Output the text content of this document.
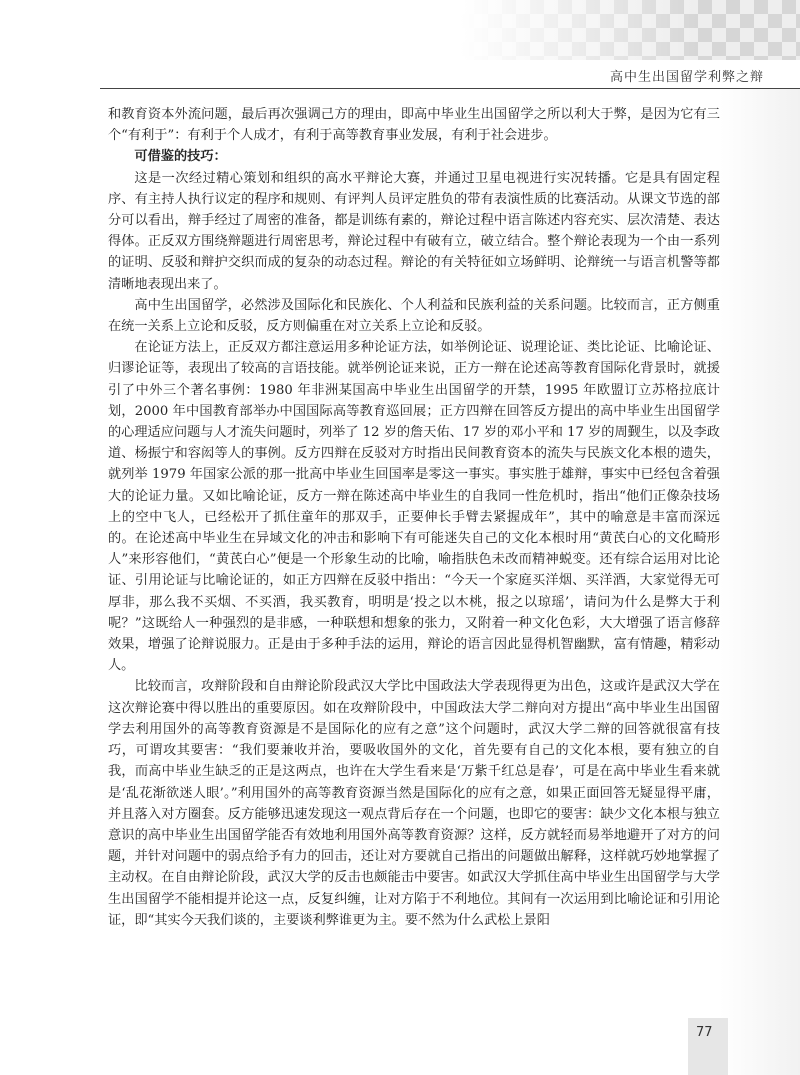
高中生出国留学利弊之辩

和教育资本外流问题，最后再次强调己方的理由，即高中毕业生出国留学之所以利大于弊，是因为它有三个“有利于”：有利于个人成才，有利于高等教育事业发展，有利于社会进步。

可借鉴的技巧：

这是一次经过精心策划和组织的高水平辩论大赛，并通过卫星电视进行实况转播。它是具有固定程序、有主持人执行议定的程序和规则、有评判人员评定胜负的带有表演性质的比赛活动。从课文节选的部分可以看出，辩手经过了周密的准备，都是训练有素的，辩论过程中语言陈述内容充实、层次清楚、表达得体。正反双方围绕辩题进行周密思考，辩论过程中有破有立，破立结合。整个辩论表现为一个由一系列的证明、反驳和辩护交织而成的复杂的动态过程。辩论的有关特征如立场鲜明、论辩统一与语言机警等都清晰地表现出来了。

高中生出国留学，必然涉及国际化和民族化、个人利益和民族利益的关系问题。比较而言，正方侧重在统一关系上立论和反驳，反方则偏重在对立关系上立论和反驳。

在论证方法上，正反双方都注意运用多种论证方法，如举例论证、说理论证、类比论证、比喻论证、归谬论证等，表现出了较高的言语技能。就举例论证来说，正方一辩在论述高等教育国际化背景时，就援引了中外三个著名事例：1980 年非洲某国高中毕业生出国留学的开禁，1995 年欧盟订立苏格拉底计划，2000 年中国教育部举办中国国际高等教育巡回展；正方四辩在回答反方提出的高中毕业生出国留学的心理适应问题与人才流失问题时，列举了 12 岁的詹天佑、17 岁的邓小平和 17 岁的周觐生，以及李政道、杨振宁和容闳等人的事例。反方四辩在反驳对方时指出民间教育资本的流失与民族文化本根的遗失，就列举 1979 年国家公派的那一批高中毕业生回国率是零这一事实。事实胜于雄辩，事实中已经包含着强大的论证力量。又如比喻论证，反方一辩在陈述高中毕业生的自我同一性危机时，指出“他们正像杂技场上的空中飞人，已经松开了抓住童年的那双手，正要伸长手臂去紧握成年”，其中的喻意是丰富而深远的。在论述高中毕业生在异域文化的冲击和影响下有可能迷失自己的文化本根时用“黄芪白心的文化畸形人”来形容他们，“黄芪白心”便是一个形象生动的比喻，喻指肤色未改而精神蜕变。还有综合运用对比论证、引用论证与比喻论证的，如正方四辩在反驳中指出：“今天一个家庭买洋烟、买洋酒，大家觉得无可厚非，那么我不买烟、不买酒，我买教育，明明是‘投之以木桃，报之以琼瑶’，请问为什么是弊大于利呢？”这既给人一种强烈的是非感，一种联想和想象的张力，又附着一种文化色彩，大大增强了语言修辞效果，增强了论辩说服力。正是由于多种手法的运用，辩论的语言因此显得机智幽默，富有情趣，精彩动人。

比较而言，攻辩阶段和自由辩论阶段武汉大学比中国政法大学表现得更为出色，这或许是武汉大学在这次辩论赛中得以胜出的重要原因。如在攻辩阶段中，中国政法大学二辩向对方提出“高中毕业生出国留学去利用国外的高等教育资源是不是国际化的应有之意”这个问题时，武汉大学二辩的回答就很富有技巧，可谓攻其要害：“我们要兼收并治，要吸收国外的文化，首先要有自己的文化本根，要有独立的自我，而高中毕业生缺乏的正是这两点，也许在大学生看来是‘万紫千红总是春’，可是在高中毕业生看来就是‘乱花渐欲迷人眼’。”利用国外的高等教育资源当然是国际化的应有之意，如果正面回答无疑显得平庸，并且落入对方圈套。反方能够迅速发现这一观点背后存在一个问题，也即它的要害：缺少文化本根与独立意识的高中毕业生出国留学能否有效地利用国外高等教育资源？这样，反方就轻而易举地避开了对方的问题，并针对问题中的弱点给予有力的回击，还让对方要就自己指出的问题做出解释，这样就巧妙地掌握了主动权。在自由辩论阶段，武汉大学的反击也颇能击中要害。如武汉大学抓住高中毕业生出国留学与大学生出国留学不能相提并论这一点，反复纠缠，让对方陷于不利地位。其间有一次运用到比喻论证和引用论证，即“其实今天我们谈的，主要谈利弊谁更为主。要不然为什么武松上景阳

77
